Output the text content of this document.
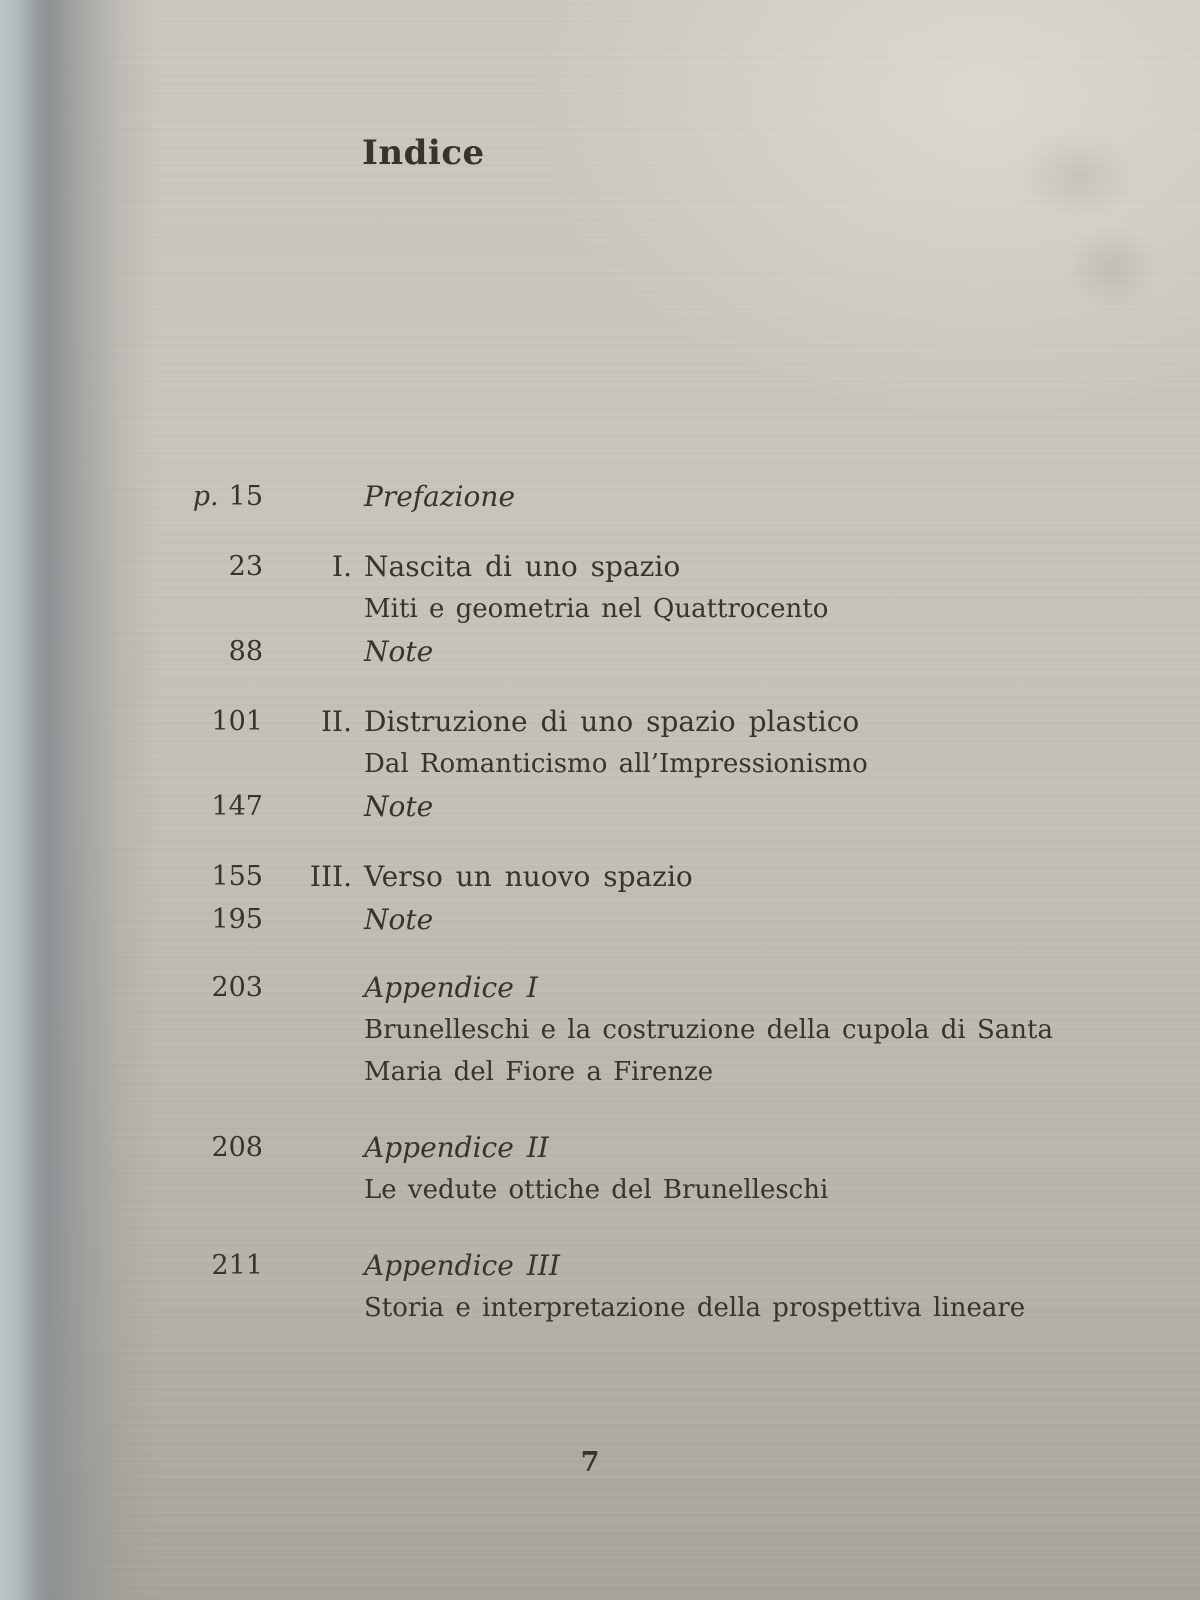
Indice
p. 15	Prefazione
23	I. Nascita di uno spazio
Miti e geometria nel Quattrocento
88	Note
101	II. Distruzione di uno spazio plastico
Dal Romanticismo all’Impressionismo
147	Note
155	III. Verso un nuovo spazio
195	Note
203	Appendice I
Brunelleschi e la costruzione della cupola di Santa Maria del Fiore a Firenze
208	Appendice II
Le vedute ottiche del Brunelleschi
211	Appendice III
Storia e interpretazione della prospettiva lineare
7
